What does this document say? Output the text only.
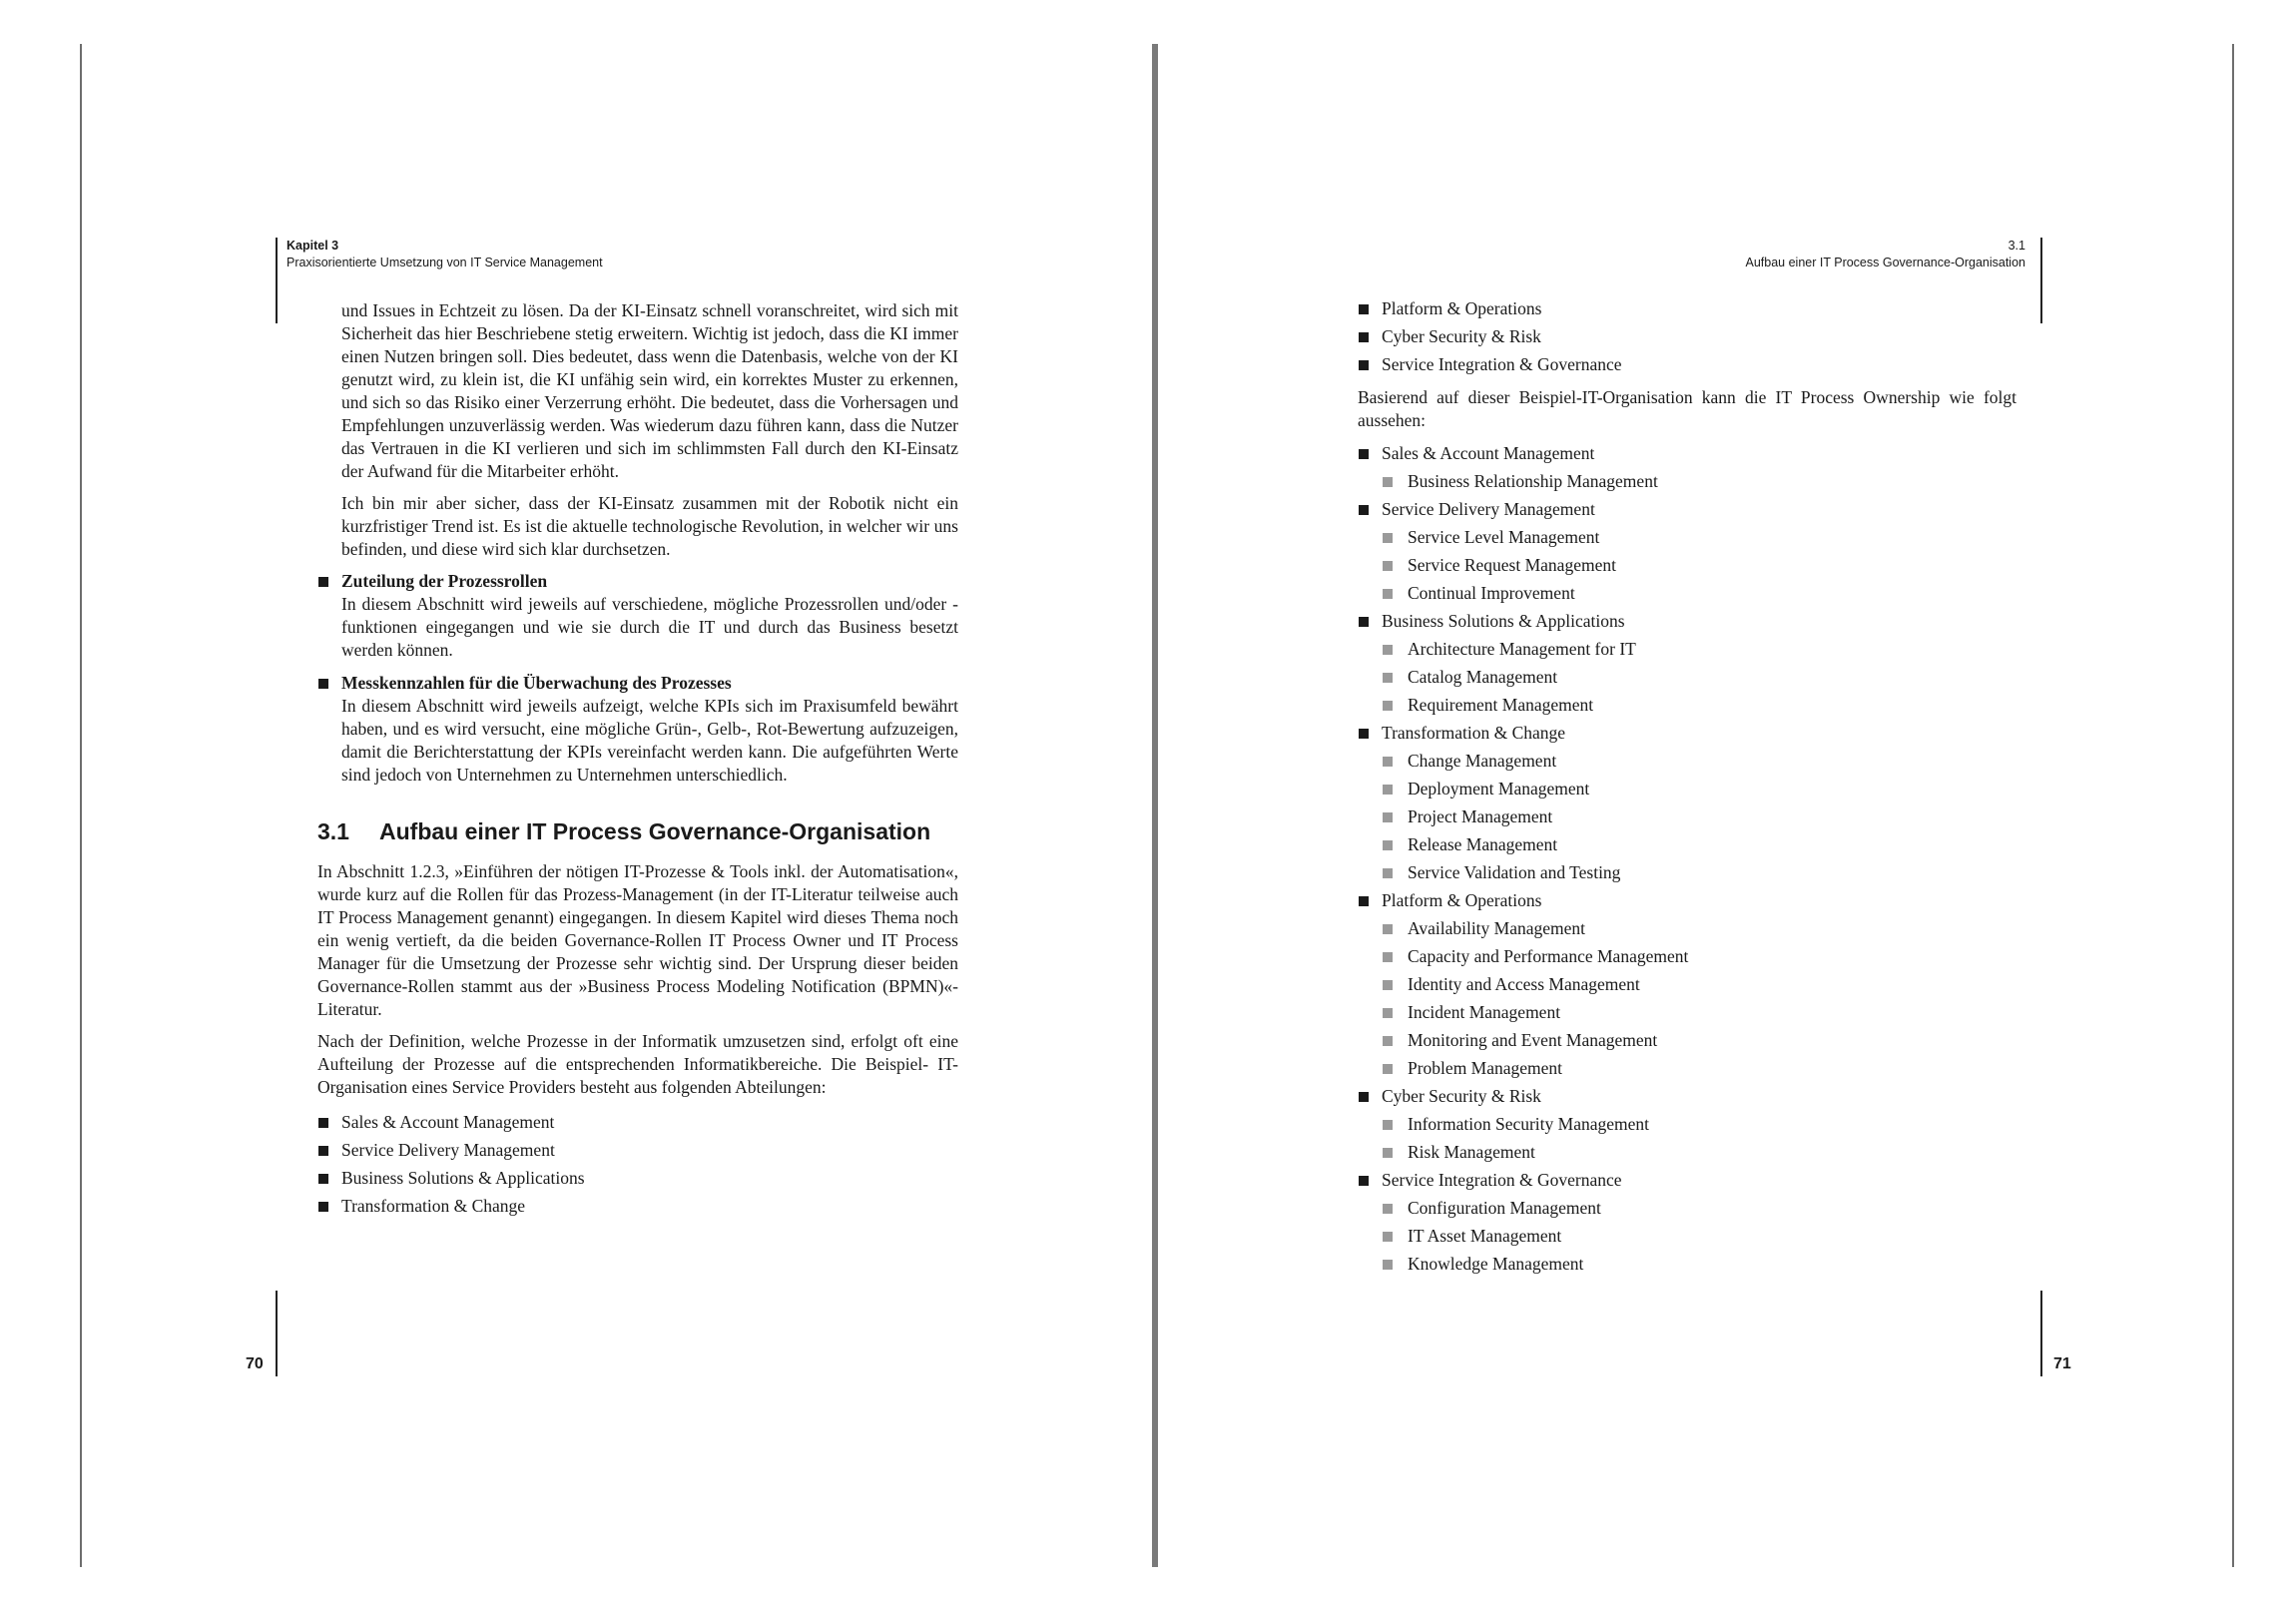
Kapitel 3
Praxisorientierte Umsetzung von IT Service Management

und Issues in Echtzeit zu lösen. Da der KI-Einsatz schnell voranschreitet, wird sich mit Sicherheit das hier Beschriebene stetig erweitern. Wichtig ist jedoch, dass die KI immer einen Nutzen bringen soll. Dies bedeutet, dass wenn die Datenbasis, welche von der KI genutzt wird, zu klein ist, die KI unfähig sein wird, ein korrektes Muster zu erkennen, und sich so das Risiko einer Verzerrung erhöht. Die bedeutet, dass die Vorhersagen und Empfehlungen unzuverlässig werden. Was wiederum dazu führen kann, dass die Nutzer das Vertrauen in die KI verlieren und sich im schlimmsten Fall durch den KI-Einsatz der Aufwand für die Mitarbeiter erhöht.

Ich bin mir aber sicher, dass der KI-Einsatz zusammen mit der Robotik nicht ein kurzfristiger Trend ist. Es ist die aktuelle technologische Revolution, in welcher wir uns befinden, und diese wird sich klar durchsetzen.

Zuteilung der Prozessrollen

In diesem Abschnitt wird jeweils auf verschiedene, mögliche Prozessrollen und/oder -funktionen eingegangen und wie sie durch die IT und durch das Business besetzt werden können.

Messkennzahlen für die Überwachung des Prozesses

In diesem Abschnitt wird jeweils aufzeigt, welche KPIs sich im Praxisumfeld bewährt haben, und es wird versucht, eine mögliche Grün-, Gelb-, Rot-Bewertung aufzuzeigen, damit die Berichterstattung der KPIs vereinfacht werden kann. Die aufgeführten Werte sind jedoch von Unternehmen zu Unternehmen unterschiedlich.

3.1	Aufbau einer IT Process Governance-Organisation

In Abschnitt 1.2.3, »Einführen der nötigen IT-Prozesse & Tools inkl. der Automatisation«, wurde kurz auf die Rollen für das Prozess-Management (in der IT-Literatur teilweise auch IT Process Management genannt) eingegangen. In diesem Kapitel wird dieses Thema noch ein wenig vertieft, da die beiden Governance-Rollen IT Process Owner und IT Process Manager für die Umsetzung der Prozesse sehr wichtig sind. Der Ursprung dieser beiden Governance-Rollen stammt aus der »Business Process Modeling Notification (BPMN)«-Literatur.

Nach der Definition, welche Prozesse in der Informatik umzusetzen sind, erfolgt oft eine Aufteilung der Prozesse auf die entsprechenden Informatikbereiche. Die Beispiel- IT-Organisation eines Service Providers besteht aus folgenden Abteilungen:

Sales & Account Management
Service Delivery Management
Business Solutions & Applications
Transformation & Change
70
3.1
Aufbau einer IT Process Governance-Organisation
Platform & Operations
Cyber Security & Risk
Service Integration & Governance

Basierend auf dieser Beispiel-IT-Organisation kann die IT Process Ownership wie folgt aussehen:

Sales & Account Management
Business Relationship Management
Service Delivery Management
Service Level Management
Service Request Management
Continual Improvement
Business Solutions & Applications
Architecture Management for IT
Catalog Management
Requirement Management
Transformation & Change
Change Management
Deployment Management
Project Management
Release Management
Service Validation and Testing
Platform & Operations
Availability Management
Capacity and Performance Management
Identity and Access Management
Incident Management
Monitoring and Event Management
Problem Management
Cyber Security & Risk
Information Security Management
Risk Management
Service Integration & Governance
Configuration Management
IT Asset Management
Knowledge Management
71
